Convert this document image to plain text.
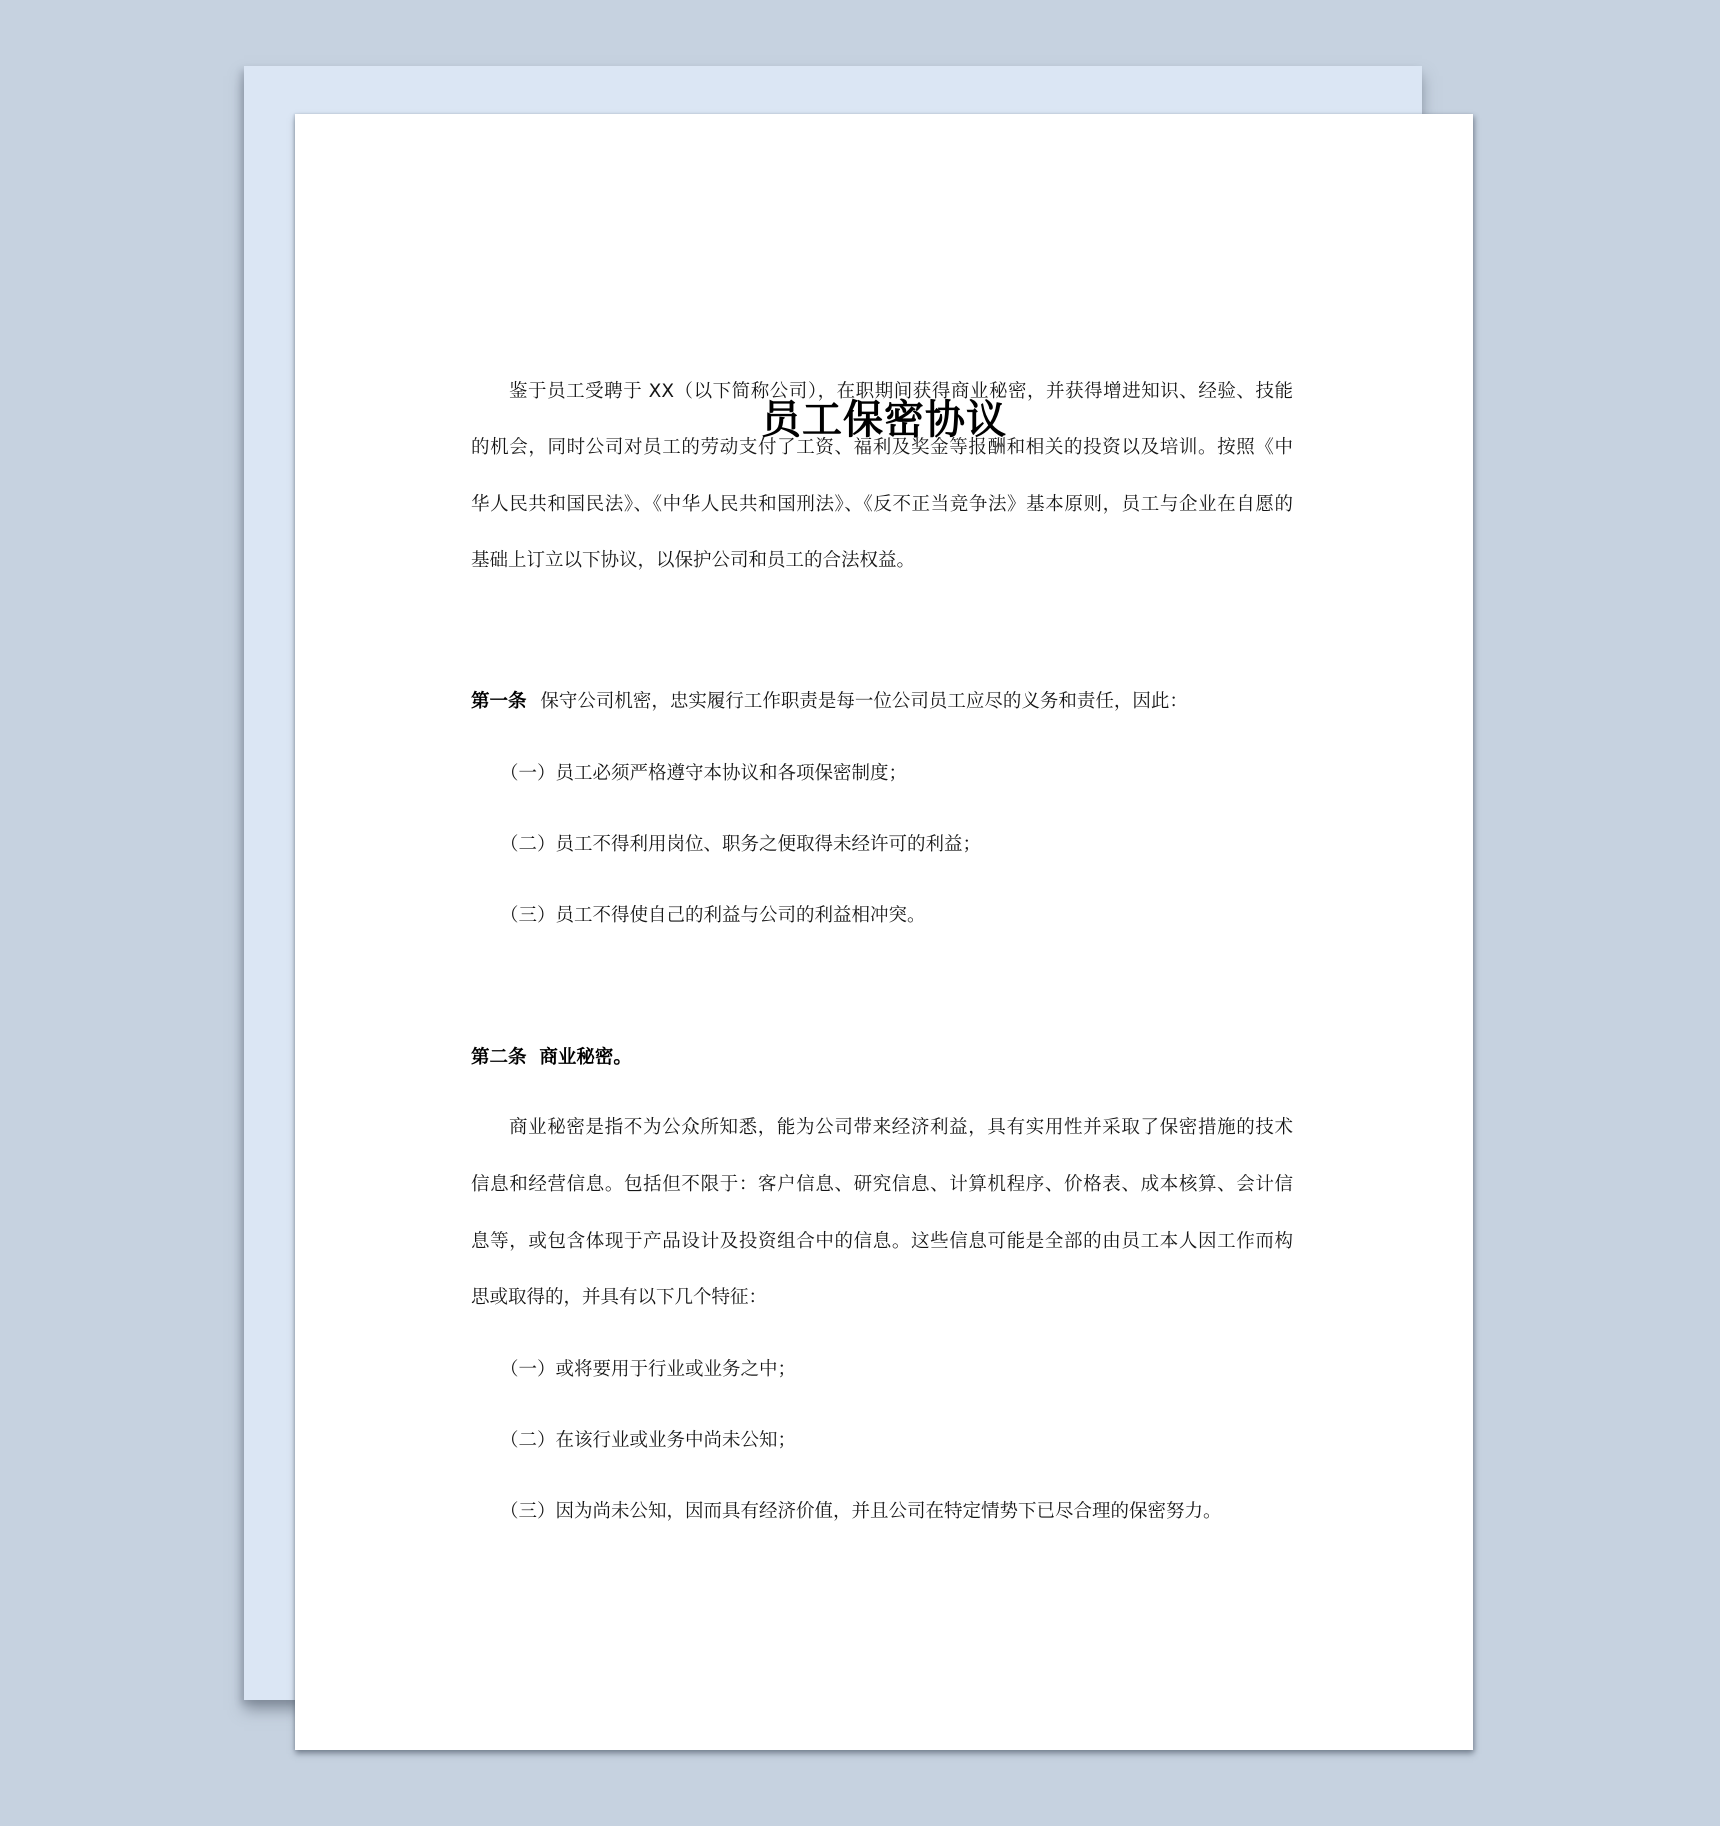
员工保密协议
鉴于员工受聘于 XX（以下简称公司），在职期间获得商业秘密，并获得增进知识、经验、技能
的机会，同时公司对员工的劳动支付了工资、福利及奖金等报酬和相关的投资以及培训。按照《中
华人民共和国民法》、《中华人民共和国刑法》、《反不正当竞争法》基本原则，员工与企业在自愿的
基础上订立以下协议，以保护公司和员工的合法权益。
第一条 保守公司机密，忠实履行工作职责是每一位公司员工应尽的义务和责任，因此：
（一）员工必须严格遵守本协议和各项保密制度；
（二）员工不得利用岗位、职务之便取得未经许可的利益；
（三）员工不得使自己的利益与公司的利益相冲突。
第二条  商业秘密。
商业秘密是指不为公众所知悉，能为公司带来经济利益，具有实用性并采取了保密措施的技术
信息和经营信息。包括但不限于：客户信息、研究信息、计算机程序、价格表、成本核算、会计信
息等，或包含体现于产品设计及投资组合中的信息。这些信息可能是全部的由员工本人因工作而构
思或取得的，并具有以下几个特征：
（一）或将要用于行业或业务之中；
（二）在该行业或业务中尚未公知；
（三）因为尚未公知，因而具有经济价值，并且公司在特定情势下已尽合理的保密努力。
